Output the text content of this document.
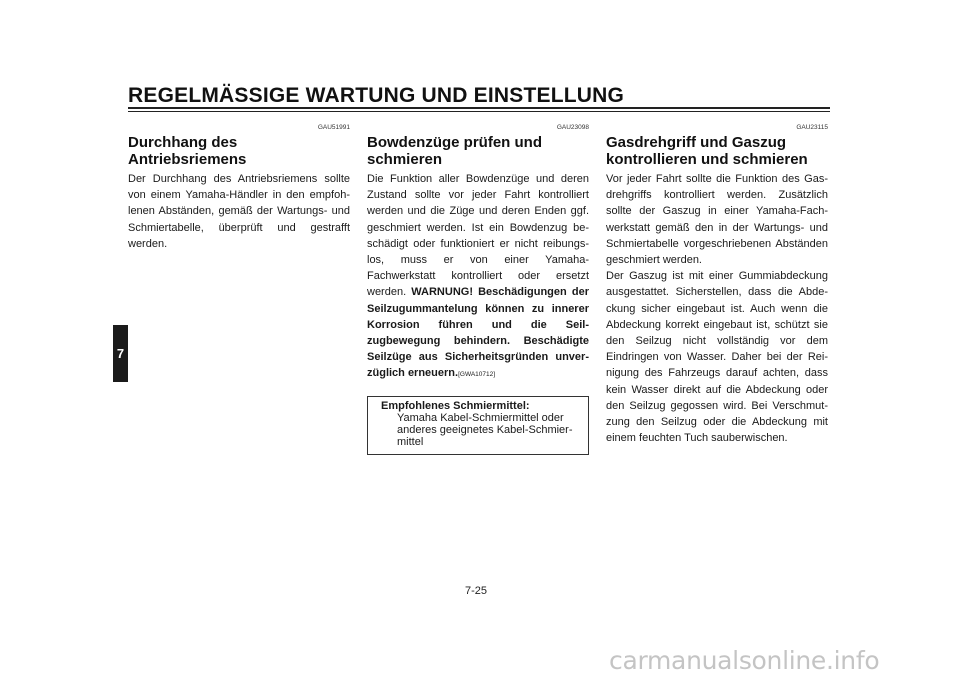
REGELMÄSSIGE WARTUNG UND EINSTELLUNG
7
GAU51991
Durchhang des Antriebsriemens

Der Durchhang des Antriebsriemens sollte von einem Yamaha-Händler in den empfohlenen Abständen, gemäß der Wartungs- und Schmiertabelle, überprüft und gestrafft werden.

GAU23098
Bowdenzüge prüfen und schmieren

Die Funktion aller Bowdenzüge und deren Zustand sollte vor jeder Fahrt kontrolliert werden und die Züge und deren Enden ggf. geschmiert werden. Ist ein Bowdenzug beschädigt oder funktioniert er nicht reibungslos, muss er von einer Yamaha-Fachwerkstatt kontrolliert oder ersetzt werden. WARNUNG! Beschädigungen der Seilzugummantelung können zu innerer Korrosion führen und die Seilzugbewegung behindern. Beschädigte Seilzüge aus Sicherheitsgründen unverzüglich erneuern.[GWA10712]

Empfohlenes Schmiermittel:
Yamaha Kabel-Schmiermittel oder anderes geeignetes Kabel-Schmiermittel
GAU23115
Gasdrehgriff und Gaszug kontrollieren und schmieren

Vor jeder Fahrt sollte die Funktion des Gasdrehgriffs kontrolliert werden. Zusätzlich sollte der Gaszug in einer Yamaha-Fachwerkstatt gemäß den in der Wartungs- und Schmiertabelle vorgeschriebenen Abständen geschmiert werden.

Der Gaszug ist mit einer Gummiabdeckung ausgestattet. Sicherstellen, dass die Abdeckung sicher eingebaut ist. Auch wenn die Abdeckung korrekt eingebaut ist, schützt sie den Seilzug nicht vollständig vor dem Eindringen von Wasser. Daher bei der Reinigung des Fahrzeugs darauf achten, dass kein Wasser direkt auf die Abdeckung oder den Seilzug gegossen wird. Bei Verschmutzung den Seilzug oder die Abdeckung mit einem feuchten Tuch sauberwischen.

7-25
carmanualsonline.info
